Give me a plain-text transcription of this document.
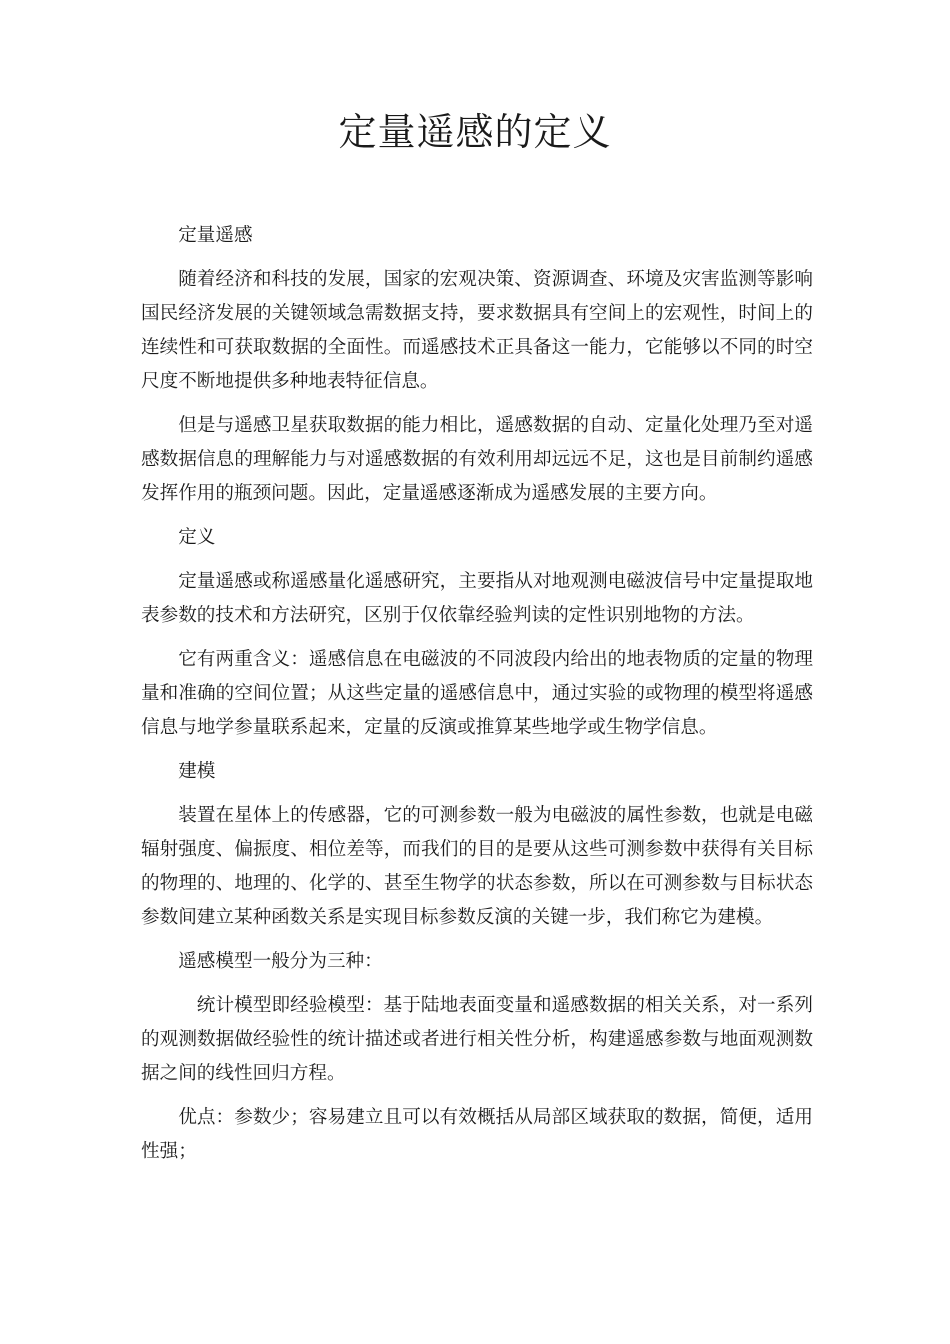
定量遥感的定义

定量遥感

随着经济和科技的发展，国家的宏观决策、资源调查、环境及灾害监测等影响国民经济发展的关键领域急需数据支持，要求数据具有空间上的宏观性，时间上的连续性和可获取数据的全面性。而遥感技术正具备这一能力，它能够以不同的时空尺度不断地提供多种地表特征信息。

但是与遥感卫星获取数据的能力相比，遥感数据的自动、定量化处理乃至对遥感数据信息的理解能力与对遥感数据的有效利用却远远不足，这也是目前制约遥感发挥作用的瓶颈问题。因此，定量遥感逐渐成为遥感发展的主要方向。

定义

定量遥感或称遥感量化遥感研究，主要指从对地观测电磁波信号中定量提取地表参数的技术和方法研究，区别于仅依靠经验判读的定性识别地物的方法。

它有两重含义：遥感信息在电磁波的不同波段内给出的地表物质的定量的物理量和准确的空间位置；从这些定量的遥感信息中，通过实验的或物理的模型将遥感信息与地学参量联系起来，定量的反演或推算某些地学或生物学信息。

建模

装置在星体上的传感器，它的可测参数一般为电磁波的属性参数，也就是电磁辐射强度、偏振度、相位差等，而我们的目的是要从这些可测参数中获得有关目标的物理的、地理的、化学的、甚至生物学的状态参数，所以在可测参数与目标状态参数间建立某种函数关系是实现目标参数反演的关键一步，我们称它为建模。

遥感模型一般分为三种：

统计模型即经验模型：基于陆地表面变量和遥感数据的相关关系，对一系列的观测数据做经验性的统计描述或者进行相关性分析，构建遥感参数与地面观测数据之间的线性回归方程。

优点：参数少；容易建立且可以有效概括从局部区域获取的数据，简便，适用性强；
